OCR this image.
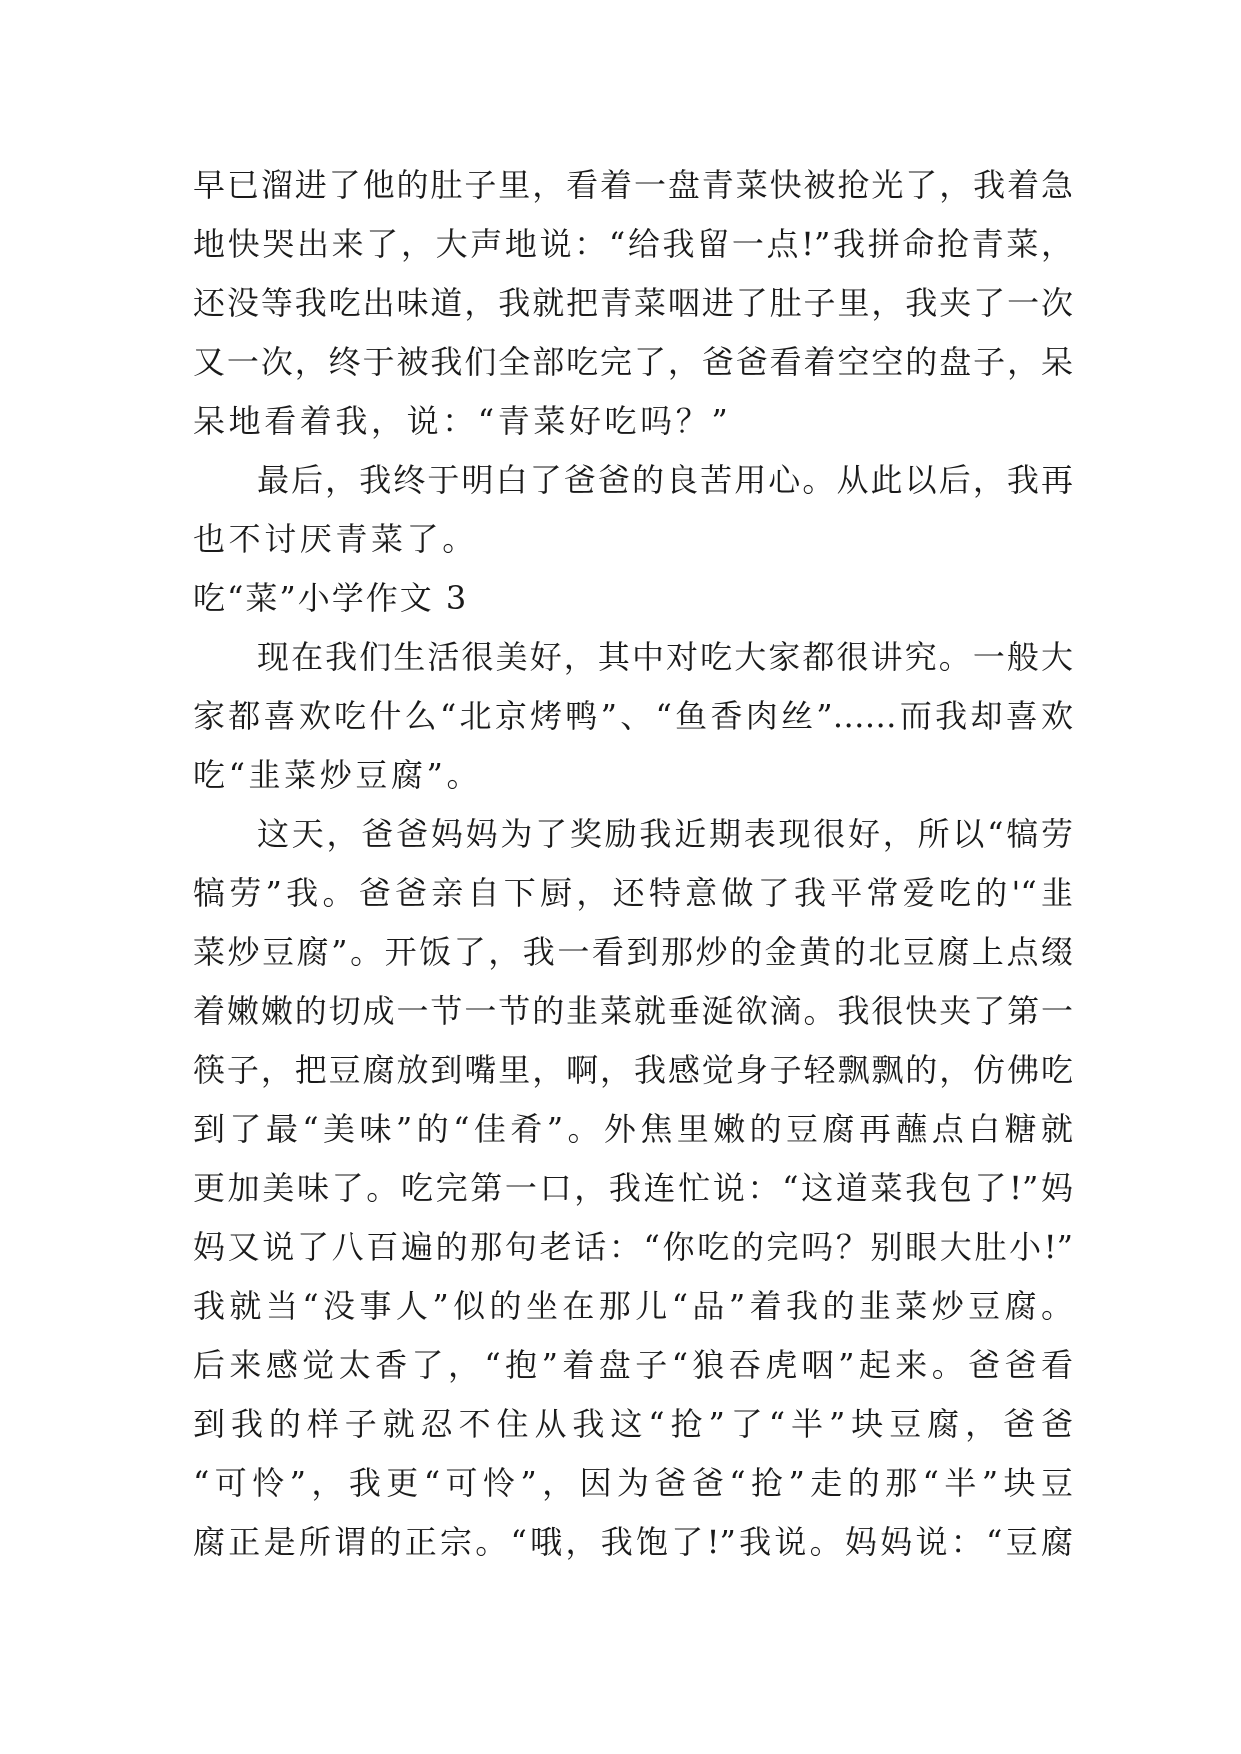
早已溜进了他的肚子里，看着一盘青菜快被抢光了，我着急
地快哭出来了，大声地说：“给我留一点!”我拼命抢青菜，
还没等我吃出味道，我就把青菜咽进了肚子里，我夹了一次
又一次，终于被我们全部吃完了，爸爸看着空空的盘子，呆
呆地看着我，说：“青菜好吃吗？”
最后，我终于明白了爸爸的良苦用心。从此以后，我再
也不讨厌青菜了。
吃“菜”小学作文 3
现在我们生活很美好，其中对吃大家都很讲究。一般大
家都喜欢吃什么“北京烤鸭”、“鱼香肉丝”……而我却喜欢
吃“韭菜炒豆腐”。
这天，爸爸妈妈为了奖励我近期表现很好，所以“犒劳
犒劳”我。爸爸亲自下厨，还特意做了我平常爱吃的'“韭
菜炒豆腐”。开饭了，我一看到那炒的金黄的北豆腐上点缀
着嫩嫩的切成一节一节的韭菜就垂涎欲滴。我很快夹了第一
筷子，把豆腐放到嘴里，啊，我感觉身子轻飘飘的，仿佛吃
到了最“美味”的“佳肴”。外焦里嫩的豆腐再蘸点白糖就
更加美味了。吃完第一口，我连忙说：“这道菜我包了!”妈
妈又说了八百遍的那句老话：“你吃的完吗？别眼大肚小!”
我就当“没事人”似的坐在那儿“品”着我的韭菜炒豆腐。
后来感觉太香了，“抱”着盘子“狼吞虎咽”起来。爸爸看
到我的样子就忍不住从我这“抢”了“半”块豆腐，爸爸
“可怜”，我更“可怜”，因为爸爸“抢”走的那“半”块豆
腐正是所谓的正宗。“哦，我饱了!”我说。妈妈说：“豆腐
